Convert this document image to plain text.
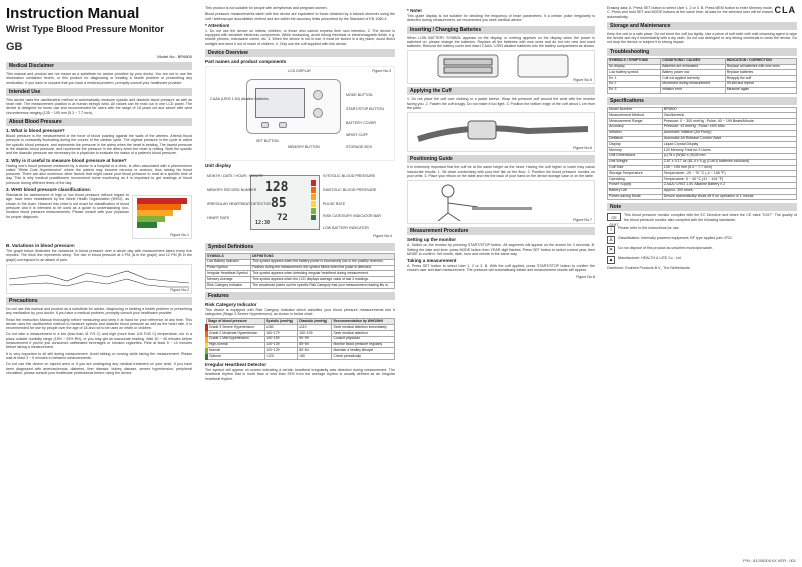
Instruction Manual
Wrist Type Blood Pressure Monitor
GB
Model No.: BP6800
Medical Disclaimer
This manual and product are not meant as a substitute for advice provided by your doctor. You are not to use the information contained herein, or this product for diagnosing or treating a health problem or prescribing any medication. If you have or suspect that you have a medical problem, promptly consult your healthcare provider.
Intended Use
This device uses the oscillometric method to automatically measure systolic and diastolic blood pressure as well as heart rate. The measurement position is at human being's wrist. All values can be read out in one LCD panel. The device is designed for home use and recommended for users with the range of 18 years old and above with wrist circumference ranging (135 ~ 195 mm (5.3 ~ 7.7 inch).
About Blood Pressure
1. What is blood pressure?
Blood pressure is the measurement of the force of blood pushing against the walls of the arteries. Arterial blood pressure is constantly fluctuating during the course of the cardiac cycle. The highest pressure in the cycle is called the systolic blood pressure, and represents the pressure in the artery when the heart is beating. The lowest pressure is the diastolic blood pressure, and represents the pressure in the artery when the heart is resting. Both the systolic and the diastolic pressure are necessary for a physician to evaluate the status of a patient's blood pressure.
2. Why is it useful to measure blood pressure at home?
Having one's blood pressure measured by a doctor in a hospital or a clinic, is often associated with a phenomenon called "White Coat Hypertension" where the patient may become nervous or anxious, thus raising his blood pressure. There are also numerous other factors that might cause your blood pressure to read at a specific time of day. This is why medical practitioners recommend home monitoring as it is important to get readings of blood pressure during different times of the day.
3. WHO blood pressure classifications:
Standards for assessment of high or low blood pressure without regard to age, have been established by the World Health Organization (WHO), as shown in the chart. However this chart is not exact for classification of blood pressure and it is intended to be used as a guide to understanding non-invasive blood pressure measurements. Please consult with your physician for proper diagnosis.
Figure No.1
B. Variations in blood pressure:
The graph below illustrates the variations in blood pressure over a whole day with measurement taken every five minutes. The thick line represents sleep. The rise in blood pressure at 4 PM (A in the graph) and 12 PM (B in the graph) correspond to an attack of pain.
Figure No.2
Precautions
Do not use this manual and product as a substitute for advice, diagnosing or treating a health problem or prescribing any medication by your doctor. If you have a medical problem, promptly consult your healthcare provider.
Read the instruction Manual thoroughly before measuring and keep it at hand for your reference at any time. This device uses the oscillometric method to measure systolic and diastolic blood pressure as well as the heart rate. It is recommended for use by people over the age of 18 and not to be used on infant or children.
Do not take a measurement in a low (less than 41 F/5 C) and high (more than 104 F/40 C) temperature, nor in a place outside humidity range (15% ~ 93% RH), or you may get an inaccurate reading. Wait 30 ~ 45 minutes before measurement if you've just consumed caffeinated beverages or smoked cigarettes. Rest at least 5 ~ 10 minutes before taking a measurement.
It is very important to sit still during measurement. Avoid talking or moving while taking the measurement. Please wait at least 3 ~ 5 minutes in between measurements.
Do not use this device on injured arms or if you are undergoing any medical treatment on your wrist. If you have been diagnosed with arteriosclerosis, diabetes, liver disease, kidney disease, severe hypertension, peripheral circulation, please consult your healthcare professional before using the device.
This product is not suitable for people with arrhythmias and pregnant women.
Blood pressure measurements taken with this device are equivalent to those obtained by a trained observer using the cuff / stethoscope auscultation method and are within the accuracy limits prescribed by the Standard of EN 1060-4.
* Attention!
1. Do not use the device on infants, children, or those who cannot express their own intention. 2. The device is equipped with sensitive electronic components. While measuring, avoid strong electrical or electromagnetic fields, e.g. mobile phones, microwave ovens, etc. 3. When the device is not in use, it must be stored in a dry place, avoid direct sunlight and store it out of reach of children. 4. Only use the cuff supplied with this device.
Device Overview
Part names and product components
LCD DISPLAY
2 AAA (LR03 1.5V) Alkaline Batteries
MODE BUTTON
START/STOP BUTTON
SET BUTTON
MEMORY BUTTON
BATTERY COVER
WRIST CUFF
STORAGE BOX
Figure No.3
Unit display
128
85
72
12:30
MONTH / DATE / HOUR : MINUTE
MEMORY RECORD NUMBER
IRREGULAR HEARTBEAT DETECTOR
HEART RATE
SYSTOLIC BLOOD PRESSURE
DIASTOLIC BLOOD PRESSURE
PULSE RATE
RISK CATEGORY INDICATOR BAR
LOW BATTERY INDICATOR
Figure No.4
Symbol Definitions
SYMBOLS	DEFINITIONS
Low Battery Indicator	This symbol appears when the battery power is excessively low or the polarity reverses.
Pulse Symbol	Flashes during the measurement, the symbol blinks when the pulse is detected.
Irregular Heartbeat Symbol	This symbol appears when detecting irregular heartbeat during measurement.
Memory Average	This symbol appears when the LCD displays average value of last 3 readings.
Risk Category Indicator	The arrowhead points out the specific Risk Category that your measurement reading fits in.
Features
Risk Category Indicator
This device is equipped with Risk Category Indicator which classifies your blood pressure measurements into 6 categories (Stage 3 Severe Hypertension), as shown in below chart:
Stage of blood pressure	Systolic (mmHg)	Diastolic (mmHg)	Recommendation by WHO/NHI
Grade 3 Severe Hypertension	≥180	≥110	Seek medical attention immediately
Grade 2 Moderate Hypertension	160~179	100~109	Seek medical attention
Grade 1 Mild hypertension	140~159	90~99	Consult physician
High-normal	130~139	85~89	Monitor blood pressure regularly
Normal	120~129	80~84	Maintain a healthy lifestyle
Optimal	<120	<80	Check periodically
Irregular Heartbeat Detector
The symbol will appear on screen indicating a certain heartbeat irregularity was detected during measurement. The heartbeat rhythm that is more than or less than 25% from the average rhythm is usually defined as an irregular heartbeat rhythm.
* Note!
This guide display is not suitable for deciding the frequency of heart parameters. If a certain pulse irregularity is detected during measurement, we recommend you seek medical advice.
Inserting / Changing Batteries
When LOW BATTERY SYMBOL appears on the display, or nothing appears on the display when the power is switched on, please change the batteries. Replace all the batteries with new ones and do not mix new and used batteries. Remove the battery cover and insert 2 AAA / LR03 alkaline batteries into the battery compartment as shown.
Figure No.5
Applying the Cuff
1. Do not place the cuff over clothing or a jacket sleeve. Wrap the pressure cuff around the wrist with the monitor facing you. 2. Fasten the cuff snugly. Do not make it too tight. 3. Position the bottom edge of the cuff about 1 cm from the palm.
Figure No.6
Positioning Guide
It is extremely important that the cuff be at the same height as the heart. Having the cuff higher or lower may cause inaccurate results. 1. Sit down comfortably with your feet flat on the floor. 2. Position the blood pressure monitor on your wrist. 3. Place your elbow on the table and rest the back of your hand on the device storage case or on the table.
Figure No.7
Measurement Procedure
Setting up the monitor
A. Switch on the monitor by pressing START/STOP button. All segments will appear on the screen for 3 seconds. B. Setting the date and time: press MODE button then YEAR digit flashes. Press SET button to select current year, then MODE to confirm. Set month, date, hour and minute in the same way.
Taking a measurement
A. Press SET button to select User 1, 2 or 3. B. With the cuff applied, press START/STOP button to confirm the chosen user and start measurement. The pressure will automatically inflate and measurement results will appear.
Figure No.8
CLA
Erasing data: A. Press SET button to select User 1, 2 or 3. B. Press MEM button to enter Memory mode. C. Press and hold SET and MODE buttons at the same time; all data for the selected user will be erased automatically.
Storage and Maintenance
Keep the unit in a safe place. Do not bend the cuff too tightly. Use a piece of soft cloth with mild cleansing agent to wipe the device and dry it immediately with a dry cloth. Do not use detergent or any strong chemicals to clean the device. Do not drop the device or subject it to strong impact.
Troubleshooting
SYMBOLS / SYMPTOMS	CONDITIONS / CAUSES	INDICATION / CORRECTION
No display	Batteries are exhausted	Replace all batteries with new ones
Low battery symbol	Battery power low	Replace batteries
Err 1	Cuff not applied correctly	Reapply the cuff
Err 2	Movement during measurement	Sit still and repeat
Err 3	Inflation error	Measure again
Specifications
Model Number	BP6800
Measurement Method	Oscillometric
Measurement Range	Pressure: 0 ~ 300 mmHg ; Pulse: 40 ~ 199 Beats/Minute
Accuracy	Pressure: ±3 mmHg ; Pulse: ±5% Max.
Inflation	Automatic Inflation (Air Pump)
Deflation	Automatic Air Release Control Valve
Display	Liquid Crystal Display
Memory	120 Memory Total for 3 Users
Unit Dimensions	(L)78 x (W)82 x (H)28 mm
Unit Weight	2.67 ± 0.17 oz (81.4 ± 5 g) (Cuff & batteries excluded)
Cuff Size	135 ~ 195 mm (5.3 ~ 7.7 inch)
Storage Temperature	Temperature: -20 ~ 70 °C (-4 ~ 158 °F)
Operating	Temperature: 5 ~ 40 °C (41 ~ 104 °F)
Power Supply	2 AAA / LR03 1.5V Alkaline Battery x 2
Battery Life	Approx. 300 times
Power-saving Mode	Device automatically shuts off if no operation in 1 minute
Note
CE 0197
This blood pressure monitor complies with the EC Directive and bears the CE mark "0197". The quality of the blood pressure monitor also complied with the following standards.
i	Please refer to the instructions for use.
♙	Classification: Internally powered equipment; BF type applied part; IP22.
✕	Do not dispose of this product as unsorted municipal waste.
▲	Manufacturer: HEALTH & LIFE Co., Ltd.
Distributor: Eminent Products B.V., The Netherlands
P/N : 8120000XXX VER : 001
